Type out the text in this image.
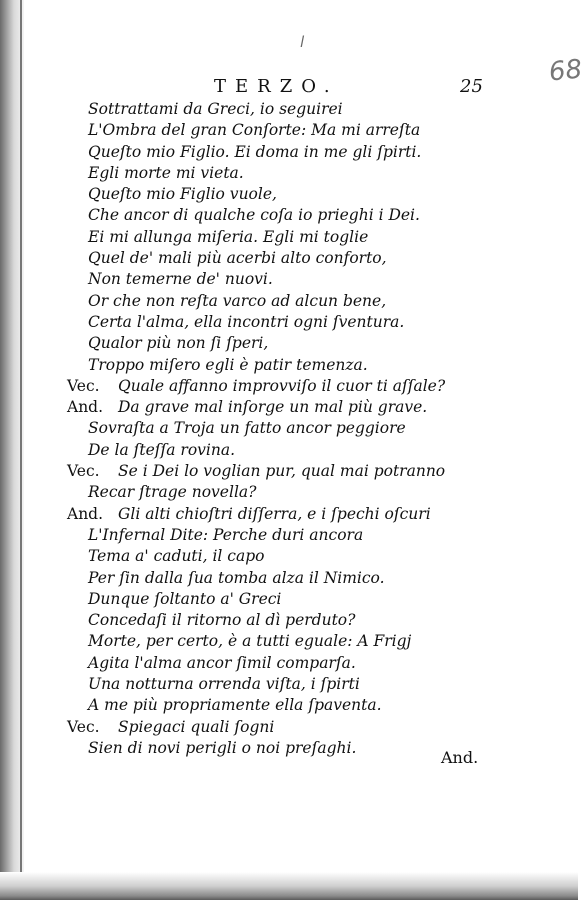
ǀ
TERZO.	25 68
Sottrattami da Greci, io seguirei
L'Ombra del gran Conſorte: Ma mi arreſta
Queſto mio Figlio. Ei doma in me gli ſpirti.
Egli morte mi vieta.
Queſto mio Figlio vuole,
Che ancor di qualche coſa io prieghi i Dei.
Ei mi allunga miſeria. Egli mi toglie
Quel de' mali più acerbi alto conforto,
Non temerne de' nuovi.
Or che non reſta varco ad alcun bene,
Certa l'alma, ella incontri ogni ſventura.
Qualor più non ſi ſperi,
Troppo miſero egli è patir temenza.
Vec. Quale affanno improvviſo il cuor ti aſſale?
And. Da grave mal inſorge un mal più grave.
Sovraſta a Troja un fatto ancor peggiore
De la ſteſſa rovina.
Vec. Se i Dei lo voglian pur, qual mai potranno
Recar ſtrage novella?
And. Gli alti chioſtri diſſerra, e i ſpechi oſcuri
L'Infernal Dite: Perche duri ancora
Tema a' caduti, il capo
Per ſin dalla ſua tomba alza il Nimico.
Dunque ſoltanto a' Greci
Concedaſi il ritorno al dì perduto?
Morte, per certo, è a tutti eguale: A Frigj
Agita l'alma ancor ſimil comparſa.
Una notturna orrenda viſta, i ſpirti
A me più propriamente ella ſpaventa.
Vec. Spiegaci quali ſogni
Sien di novi perigli o noi preſaghi.
And.
